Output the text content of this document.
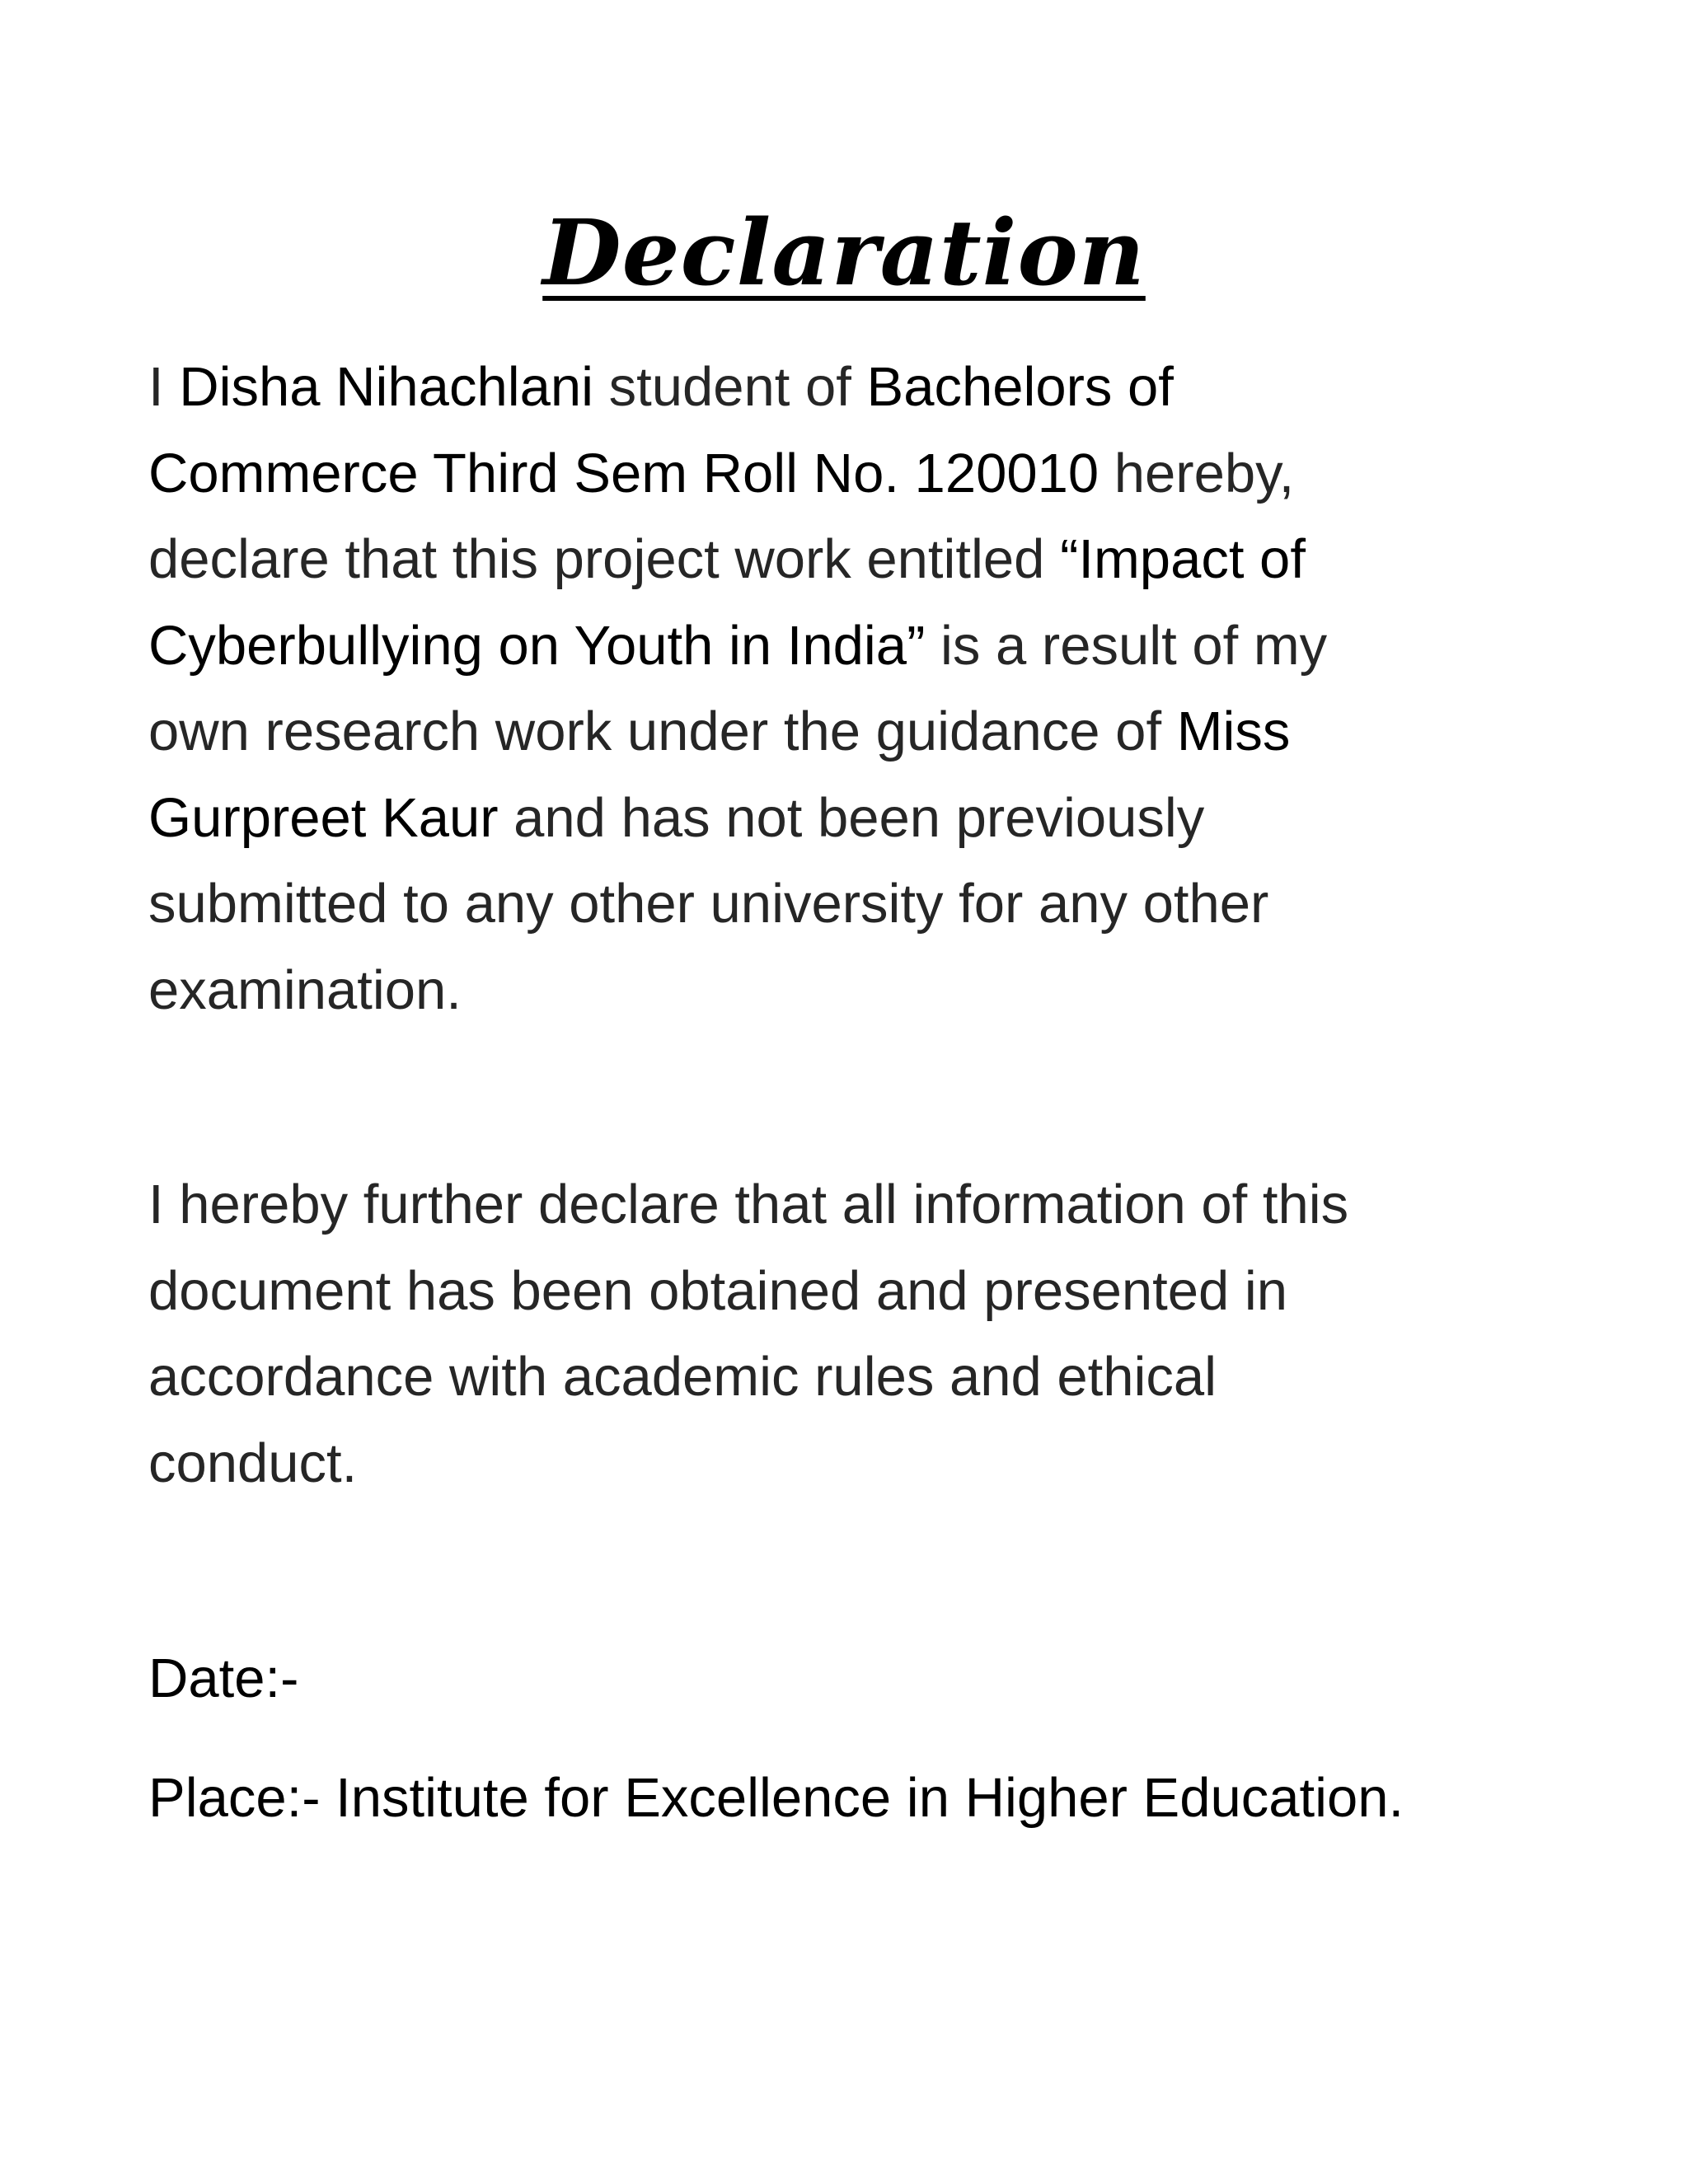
Declaration

I Disha Nihachlani student of Bachelors of
Commerce Third Sem Roll No. 120010 hereby,
declare that this project work entitled “Impact of
Cyberbullying on Youth in India” is a result of my
own research work under the guidance of Miss
Gurpreet Kaur and has not been previously
submitted to any other university for any other
examination.

I hereby further declare that all information of this
document has been obtained and presented in
accordance with academic rules and ethical
conduct.

Date:-

Place:- Institute for Excellence in Higher Education.
